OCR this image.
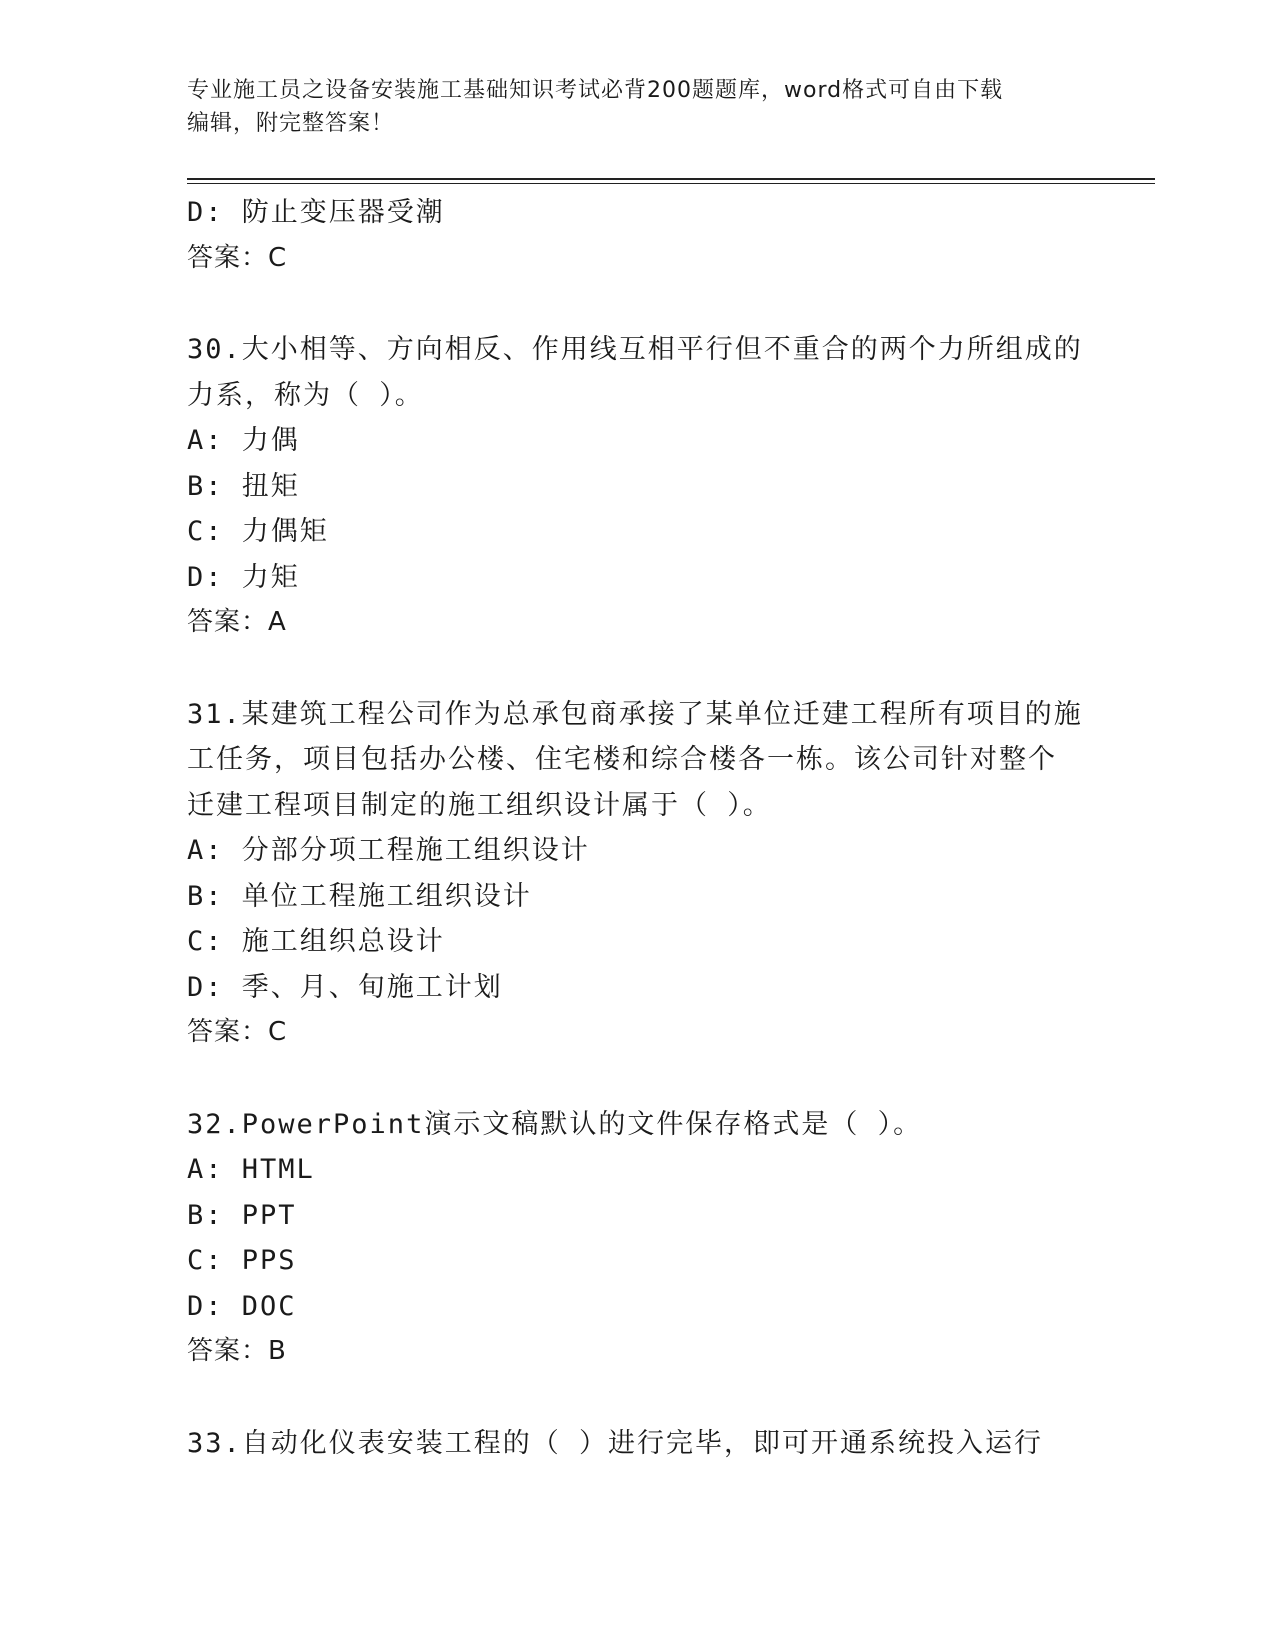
专业施工员之设备安装施工基础知识考试必背200题题库，word格式可自由下载
编辑，附完整答案！
D: 防止变压器受潮
答案：C
30.大小相等、方向相反、作用线互相平行但不重合的两个力所组成的
力系，称为（ ）。
A: 力偶
B: 扭矩
C: 力偶矩
D: 力矩
答案：A
31.某建筑工程公司作为总承包商承接了某单位迁建工程所有项目的施
工任务，项目包括办公楼、住宅楼和综合楼各一栋。该公司针对整个
迁建工程项目制定的施工组织设计属于（ ）。
A: 分部分项工程施工组织设计
B: 单位工程施工组织设计
C: 施工组织总设计
D: 季、月、旬施工计划
答案：C
32.PowerPoint演示文稿默认的文件保存格式是（ ）。
A: HTML
B: PPT
C: PPS
D: DOC
答案：B
33.自动化仪表安装工程的（ ）进行完毕，即可开通系统投入运行
